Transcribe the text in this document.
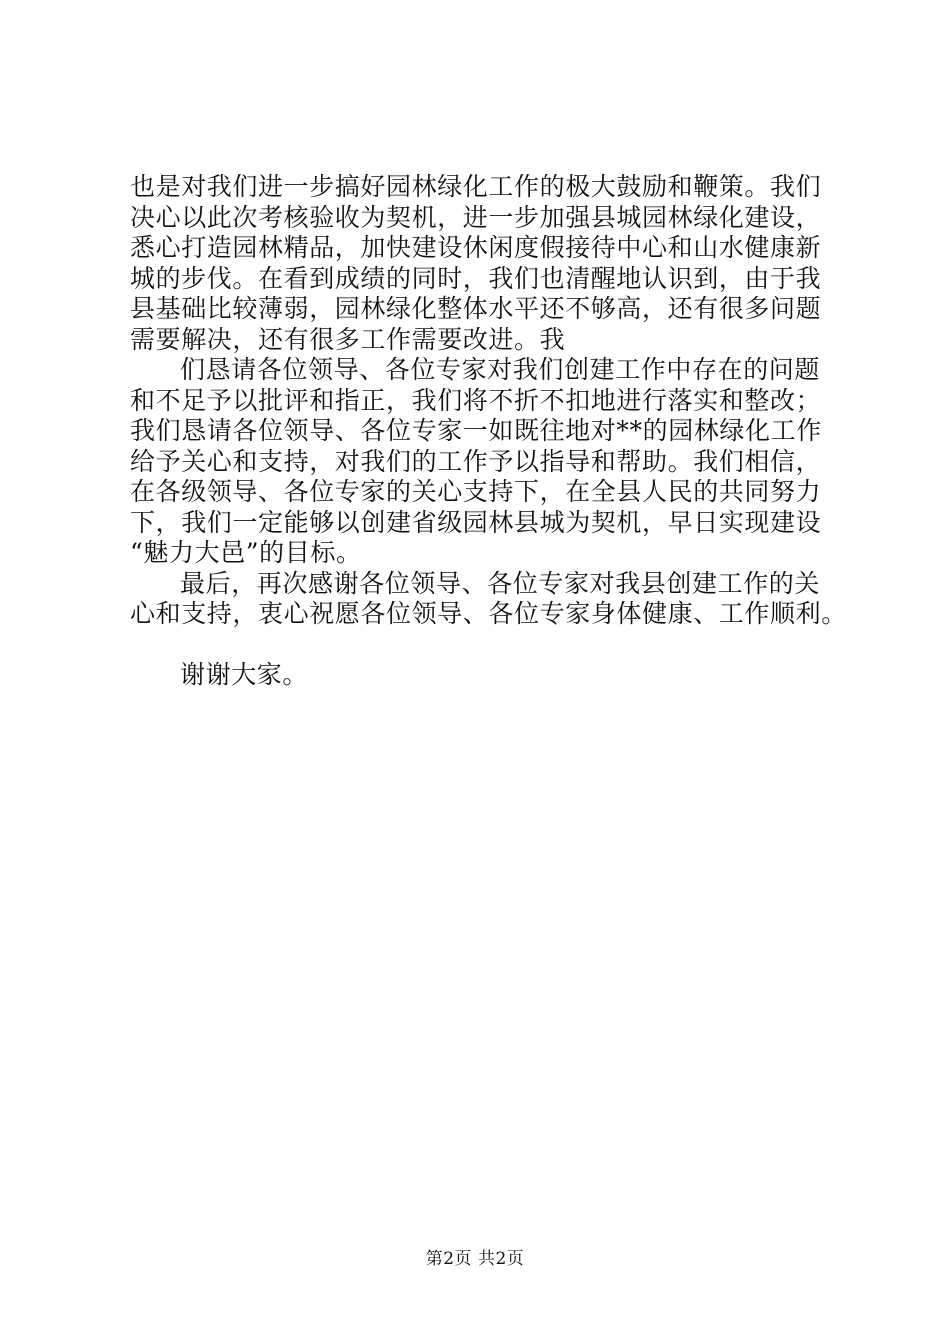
也是对我们进一步搞好园林绿化工作的极大鼓励和鞭策。我们
决心以此次考核验收为契机，进一步加强县城园林绿化建设，
悉心打造园林精品，加快建设休闲度假接待中心和山水健康新
城的步伐。在看到成绩的同时，我们也清醒地认识到，由于我
县基础比较薄弱，园林绿化整体水平还不够高，还有很多问题
需要解决，还有很多工作需要改进。我
们恳请各位领导、各位专家对我们创建工作中存在的问题
和不足予以批评和指正，我们将不折不扣地进行落实和整改；
我们恳请各位领导、各位专家一如既往地对**的园林绿化工作
给予关心和支持，对我们的工作予以指导和帮助。我们相信，
在各级领导、各位专家的关心支持下，在全县人民的共同努力
下，我们一定能够以创建省级园林县城为契机，早日实现建设
“魅力大邑”的目标。
最后，再次感谢各位领导、各位专家对我县创建工作的关
心和支持，衷心祝愿各位领导、各位专家身体健康、工作顺利。
谢谢大家。
第2页 共2页
